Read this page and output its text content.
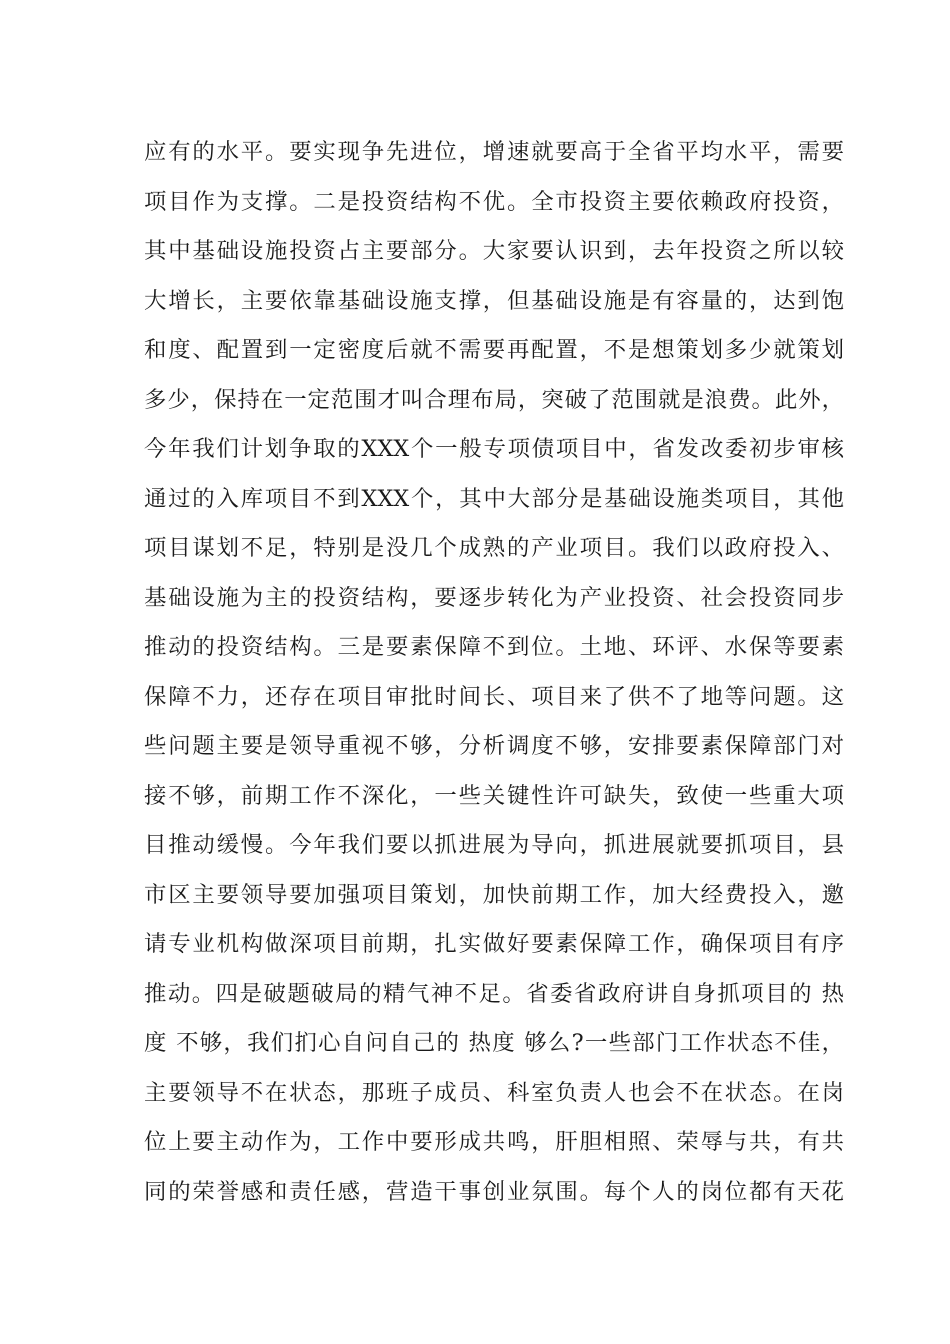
应有的水平。要实现争先进位，增速就要高于全省平均水平，需要
项目作为支撑。二是投资结构不优。全市投资主要依赖政府投资，
其中基础设施投资占主要部分。大家要认识到，去年投资之所以较
大增长，主要依靠基础设施支撑，但基础设施是有容量的，达到饱
和度、配置到一定密度后就不需要再配置，不是想策划多少就策划
多少，保持在一定范围才叫合理布局，突破了范围就是浪费。此外，
今年我们计划争取的XXX个一般专项债项目中，省发改委初步审核
通过的入库项目不到XXX个，其中大部分是基础设施类项目，其他
项目谋划不足，特别是没几个成熟的产业项目。我们以政府投入、
基础设施为主的投资结构，要逐步转化为产业投资、社会投资同步
推动的投资结构。三是要素保障不到位。土地、环评、水保等要素
保障不力，还存在项目审批时间长、项目来了供不了地等问题。这
些问题主要是领导重视不够，分析调度不够，安排要素保障部门对
接不够，前期工作不深化，一些关键性许可缺失，致使一些重大项
目推动缓慢。今年我们要以抓进展为导向，抓进展就要抓项目，县
市区主要领导要加强项目策划，加快前期工作，加大经费投入，邀
请专业机构做深项目前期，扎实做好要素保障工作，确保项目有序
推动。四是破题破局的精气神不足。省委省政府讲自身抓项目的 热
度 不够，我们扪心自问自己的 热度 够么?一些部门工作状态不佳，
主要领导不在状态，那班子成员、科室负责人也会不在状态。在岗
位上要主动作为，工作中要形成共鸣，肝胆相照、荣辱与共，有共
同的荣誉感和责任感，营造干事创业氛围。每个人的岗位都有天花
